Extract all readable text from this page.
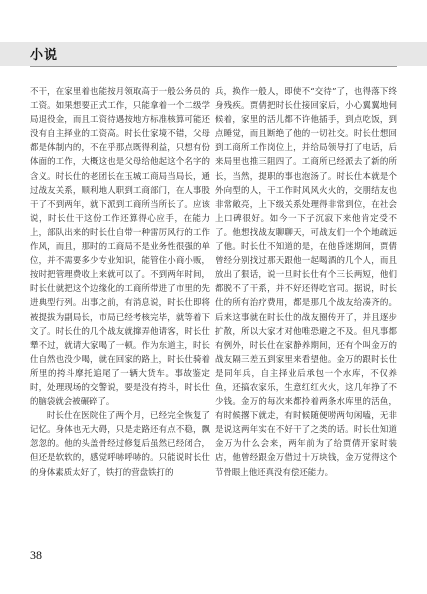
小说

不干，在家里着也能按月领取高于一般公务员的工资。如果想要正式工作，只能拿着一个二级学局退役金，而且工资待遇按地方标准核算可能还没有自主择业的工资高。时长仕家境不错，父母都是体制内的，不在乎那点既得利益，只想有份体面的工作，大概这也是父母给他起这个名字的含义。时长仕的老团长在玉城工商局当局长，通过战友关系，顺利地人职到工商部门，在人事股干了不到两年，就下派到工商所当所长了。应该说，时长仕干这份工作还算得心应手，在能力上，部队出来的时长仕自带一种雷厉风行的工作作风，而且，那时的工商局不是业务性很强的单位，并不需要多少专业知识，能管住小商小贩，按时把管理费收上来就可以了。不到两年时间，时长仕就把这个边缘化的工商所带进了市里的先进典型行列。出事之前，有消息说，时长仕即将被提拔为副局长，市局已经考核完毕，就等着下文了。时长仕的几个战友就撺弄他请客，时长仕犟不过，就请大家喝了一顿。作为东道主，时长仕自然也没少喝，就在回家的路上，时长仕骑着所里的挎斗摩托追尾了一辆大货车。事故鉴定时，处理现场的交警说，要是没有挎斗，时长仕的脑袋就会被碾碎了。

时长仕在医院住了两个月，已经完全恢复了记忆。身体也无大碍，只是走路还有点不稳，飘忽忽的。他的头盖骨经过修复后虽然已经闭合，但还是软软的，感觉呼哧呼哧的。只能说时长仕的身体素质太好了，铁打的营盘铁打的

兵，换作一般人，即使不“交待”了，也得落下终身残疾。贾倩把时长仕接回家后，小心翼翼地伺候着，家里的活儿都不许他插手，到点吃饭，到点睡觉，而且断绝了他的一切社交。时长仕想回到工商所工作岗位上，并给局领导打了电话，后来局里也推三阻四了。工商所已经派去了新的所长，当然，提职的事也泡汤了。时长仕本就是个外向型的人，干工作时风风火火的，交朋结友也非常敞亮，上下级关系处理得非常到位，在社会上口碑很好。如今一下子沉寂下来他肯定受不了。他想找战友聊聊天，可战友们一个个地疏远了他。时长仕不知道的是，在他昏迷期间，贾倩曾经分别找过那天跟他一起喝酒的几个人，而且放出了狠话，说一旦时长仕有个三长两短，他们都脱不了干系，并不好还得吃官司。据说，时长仕的所有治疗费用，都是那几个战友给凑齐的。后来这事就在时长仕的战友圈传开了，并且逐步扩散，所以大家才对他唯恐避之不及。但凡事都有例外，时长仕在家静养期间，还有个叫金万的战友隔三差五到家里来看望他。金万的跟时长仕是同年兵，自主择业后承包一个水库，不仅养鱼，还搞农家乐，生意红红火火，这几年挣了不少钱。金万的每次来都拎着两条水库里的活鱼，有时候撂下就走，有时候随便唠两句闲嗑，无非是说这两年实在不好干了之类的话。时长仕知道金万为什么会来，两年前为了给贾倩开家时装店，他曾经跟金万借过十万块钱，金万觉得这个节骨眼上他还真没有偿还能力。

38
